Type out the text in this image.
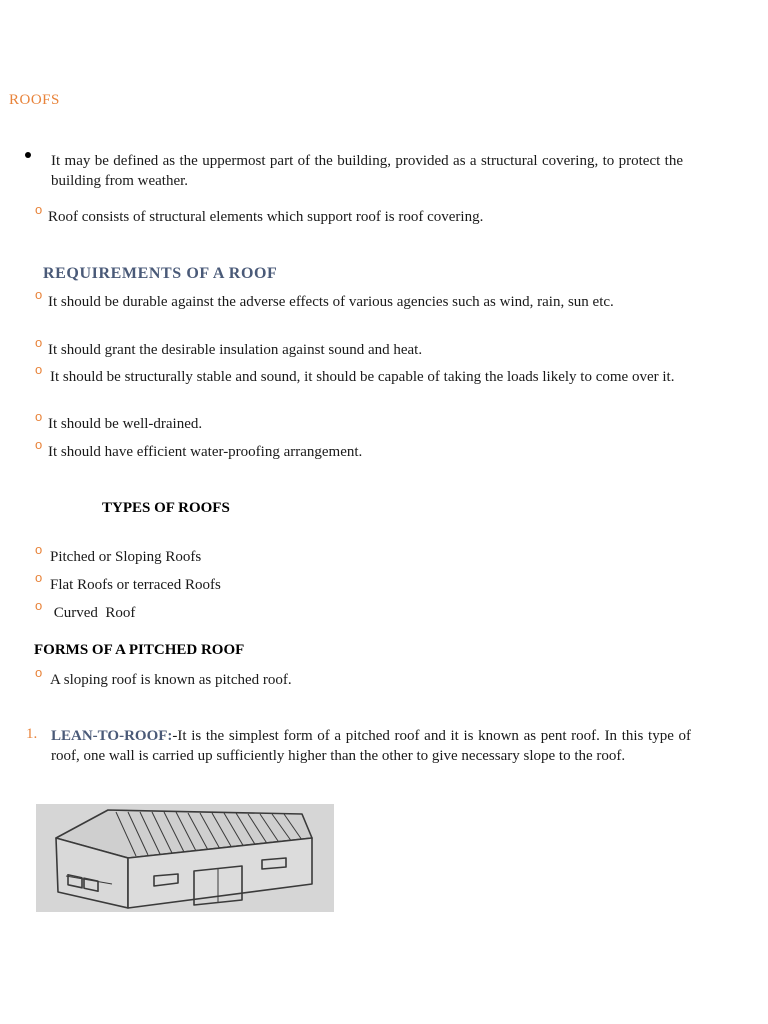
ROOFS
It may be defined as the uppermost part of the building, provided as a structural covering, to protect the building from weather.
o Roof consists of structural elements which support roof is roof covering.
REQUIREMENTS OF A ROOF
o It should be durable against the adverse effects of various agencies such as wind, rain, sun etc.
o It should grant the desirable insulation against sound and heat.
o It should be structurally stable and sound, it should be capable of taking the loads likely to come over it.
o It should be well-drained.
o It should have efficient water-proofing arrangement.
TYPES OF ROOFS
o Pitched or Sloping Roofs
o Flat Roofs or terraced Roofs
o Curved  Roof
FORMS OF A PITCHED ROOF
o A sloping roof is known as pitched roof.
1. LEAN-TO-ROOF:-It is the simplest form of a pitched roof and it is known as pent roof. In this type of roof, one wall is carried up sufficiently higher than the other to give necessary slope to the roof.
